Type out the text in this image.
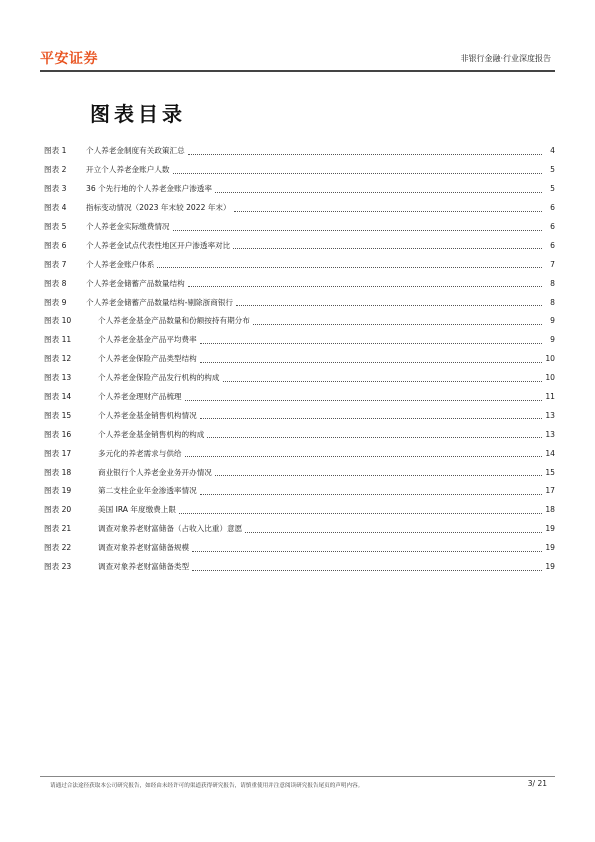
平安证券	非银行金融·行业深度报告
图表目录
图表 1	个人养老金制度有关政策汇总	4
图表 2	开立个人养老金账户人数	5
图表 3	36 个先行地的个人养老金账户渗透率	5
图表 4	指标变动情况（2023 年末较 2022 年末）	6
图表 5	个人养老金实际缴费情况	6
图表 6	个人养老金试点代表性地区开户渗透率对比	6
图表 7	个人养老金账户体系	7
图表 8	个人养老金储蓄产品数量结构	8
图表 9	个人养老金储蓄产品数量结构-剔除浙商银行	8
图表 10	个人养老金基金产品数量和份额按持有期分布	9
图表 11	个人养老金基金产品平均费率	9
图表 12	个人养老金保险产品类型结构	10
图表 13	个人养老金保险产品发行机构的构成	10
图表 14	个人养老金理财产品梳理	11
图表 15	个人养老金基金销售机构情况	13
图表 16	个人养老金基金销售机构的构成	13
图表 17	多元化的养老需求与供给	14
图表 18	商业银行个人养老金业务开办情况	15
图表 19	第二支柱企业年金渗透率情况	17
图表 20	美国 IRA 年度缴费上限	18
图表 21	调查对象养老财富储备（占收入比重）意愿	19
图表 22	调查对象养老财富储备规模	19
图表 23	调查对象养老财富储备类型	19
请通过合法途径获取本公司研究报告，如经由未经许可的渠道获得研究报告，请慎重使用并注意阅读研究报告尾页的声明内容。	3/ 21
